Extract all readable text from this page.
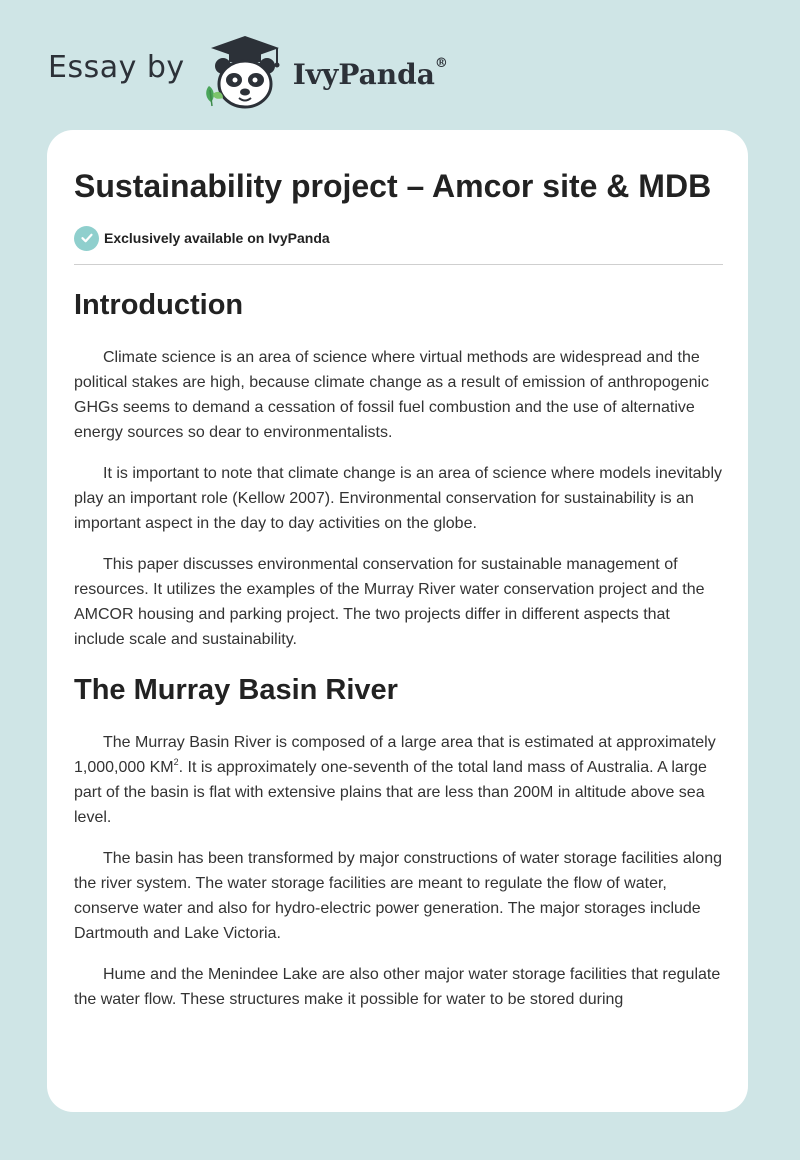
Essay by	IvyPanda®
Sustainability project – Amcor site & MDB
Exclusively available on IvyPanda
Introduction

Climate science is an area of science where virtual methods are widespread and the political stakes are high, because climate change as a result of emission of anthropogenic GHGs seems to demand a cessation of fossil fuel combustion and the use of alternative energy sources so dear to environmentalists.

It is important to note that climate change is an area of science where models inevitably play an important role (Kellow 2007). Environmental conservation for sustainability is an important aspect in the day to day activities on the globe.

This paper discusses environmental conservation for sustainable management of resources. It utilizes the examples of the Murray River water conservation project and the AMCOR housing and parking project. The two projects differ in different aspects that include scale and sustainability.

The Murray Basin River

The Murray Basin River is composed of a large area that is estimated at approximately 1,000,000 $KM^2$. It is approximately one-seventh of the total land mass of Australia. A large part of the basin is flat with extensive plains that are less than 200M in altitude above sea level.

The basin has been transformed by major constructions of water storage facilities along the river system. The water storage facilities are meant to regulate the flow of water, conserve water and also for hydro-electric power generation. The major storages include Dartmouth and Lake Victoria.

Hume and the Menindee Lake are also other major water storage facilities that regulate the water flow. These structures make it possible for water to be stored during
